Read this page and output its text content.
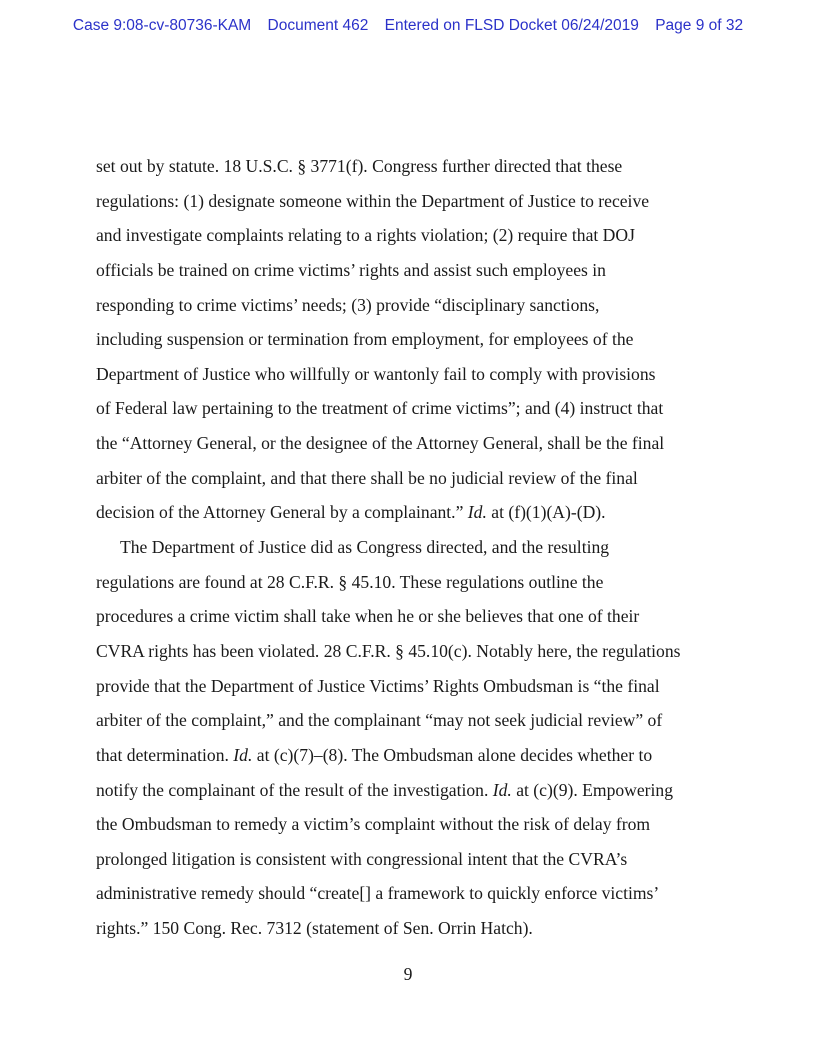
Case 9:08-cv-80736-KAM Document 462 Entered on FLSD Docket 06/24/2019 Page 9 of 32
set out by statute. 18 U.S.C. § 3771(f). Congress further directed that these
regulations: (1) designate someone within the Department of Justice to receive
and investigate complaints relating to a rights violation; (2) require that DOJ
officials be trained on crime victims’ rights and assist such employees in
responding to crime victims’ needs; (3) provide “disciplinary sanctions,
including suspension or termination from employment, for employees of the
Department of Justice who willfully or wantonly fail to comply with provisions
of Federal law pertaining to the treatment of crime victims”; and (4) instruct that
the “Attorney General, or the designee of the Attorney General, shall be the final
arbiter of the complaint, and that there shall be no judicial review of the final
decision of the Attorney General by a complainant.” Id. at (f)(1)(A)-(D).
The Department of Justice did as Congress directed, and the resulting
regulations are found at 28 C.F.R. § 45.10. These regulations outline the
procedures a crime victim shall take when he or she believes that one of their
CVRA rights has been violated. 28 C.F.R. § 45.10(c). Notably here, the regulations
provide that the Department of Justice Victims’ Rights Ombudsman is “the final
arbiter of the complaint,” and the complainant “may not seek judicial review” of
that determination. Id. at (c)(7)–(8). The Ombudsman alone decides whether to
notify the complainant of the result of the investigation. Id. at (c)(9). Empowering
the Ombudsman to remedy a victim’s complaint without the risk of delay from
prolonged litigation is consistent with congressional intent that the CVRA’s
administrative remedy should “create[] a framework to quickly enforce victims’
rights.” 150 Cong. Rec. 7312 (statement of Sen. Orrin Hatch).
9
